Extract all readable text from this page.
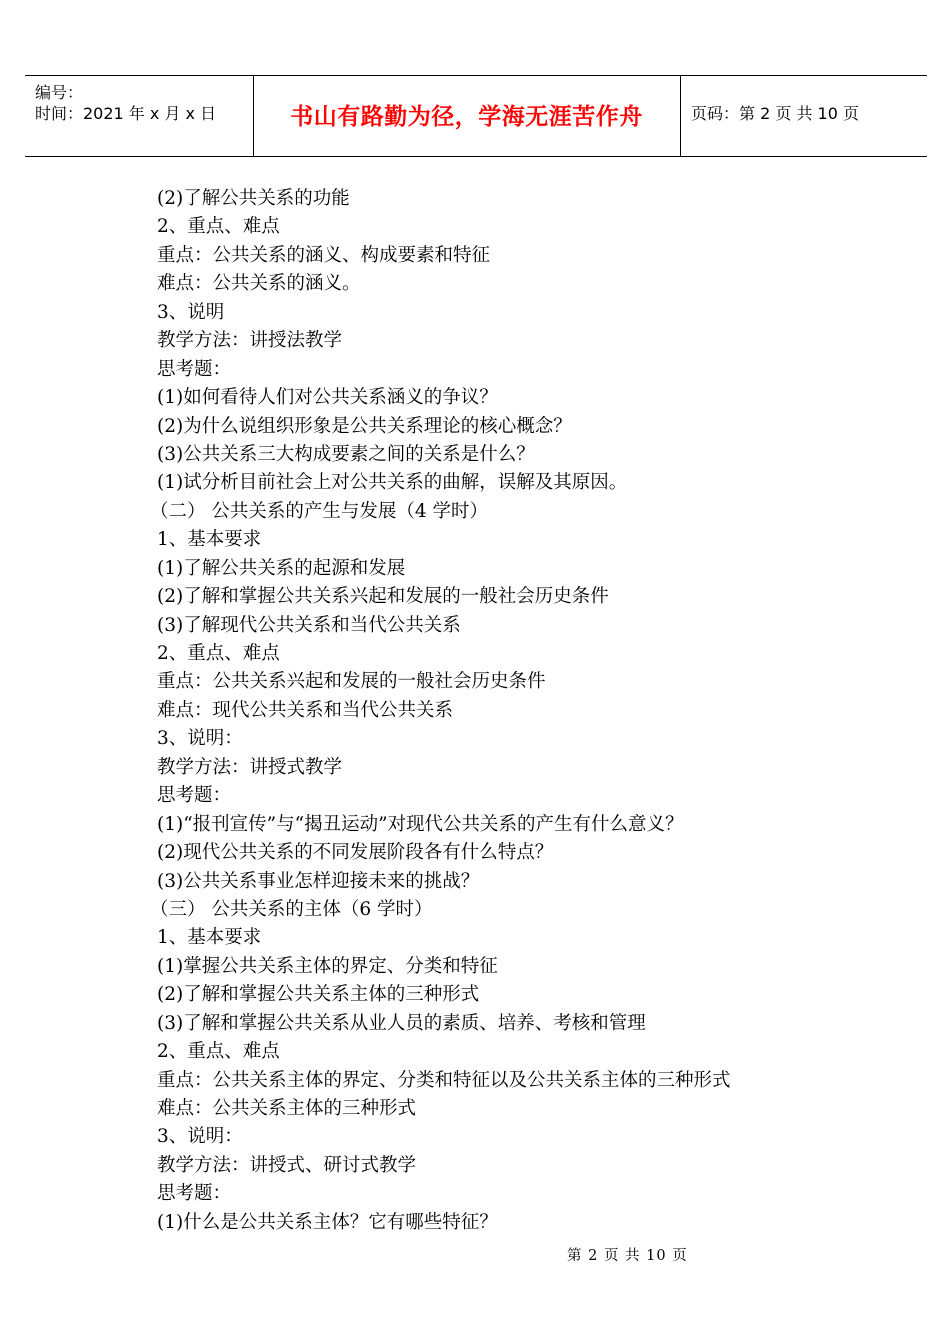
编号：
时间：2021 年 x 月 x 日	书山有路勤为径，学海无涯苦作舟	页码：第 2 页 共 10 页
(2)了解公共关系的功能
2、重点、难点
重点：公共关系的涵义、构成要素和特征
难点：公共关系的涵义。
3、说明
教学方法：讲授法教学
思考题：
(1)如何看待人们对公共关系涵义的争议？
(2)为什么说组织形象是公共关系理论的核心概念？
(3)公共关系三大构成要素之间的关系是什么？
(1)试分析目前社会上对公共关系的曲解，误解及其原因。
（二） 公共关系的产生与发展（4 学时）
1、基本要求
(1)了解公共关系的起源和发展
(2)了解和掌握公共关系兴起和发展的一般社会历史条件
(3)了解现代公共关系和当代公共关系
2、重点、难点
重点：公共关系兴起和发展的一般社会历史条件
难点：现代公共关系和当代公共关系
3、说明：
教学方法：讲授式教学
思考题：
(1)“报刊宣传”与“揭丑运动”对现代公共关系的产生有什么意义？
(2)现代公共关系的不同发展阶段各有什么特点？
(3)公共关系事业怎样迎接未来的挑战？
（三） 公共关系的主体（6 学时）
1、基本要求
(1)掌握公共关系主体的界定、分类和特征
(2)了解和掌握公共关系主体的三种形式
(3)了解和掌握公共关系从业人员的素质、培养、考核和管理
2、重点、难点
重点：公共关系主体的界定、分类和特征以及公共关系主体的三种形式
难点：公共关系主体的三种形式
3、说明：
教学方法：讲授式、研讨式教学
思考题：
(1)什么是公共关系主体？它有哪些特征？
第 2 页 共 10 页
